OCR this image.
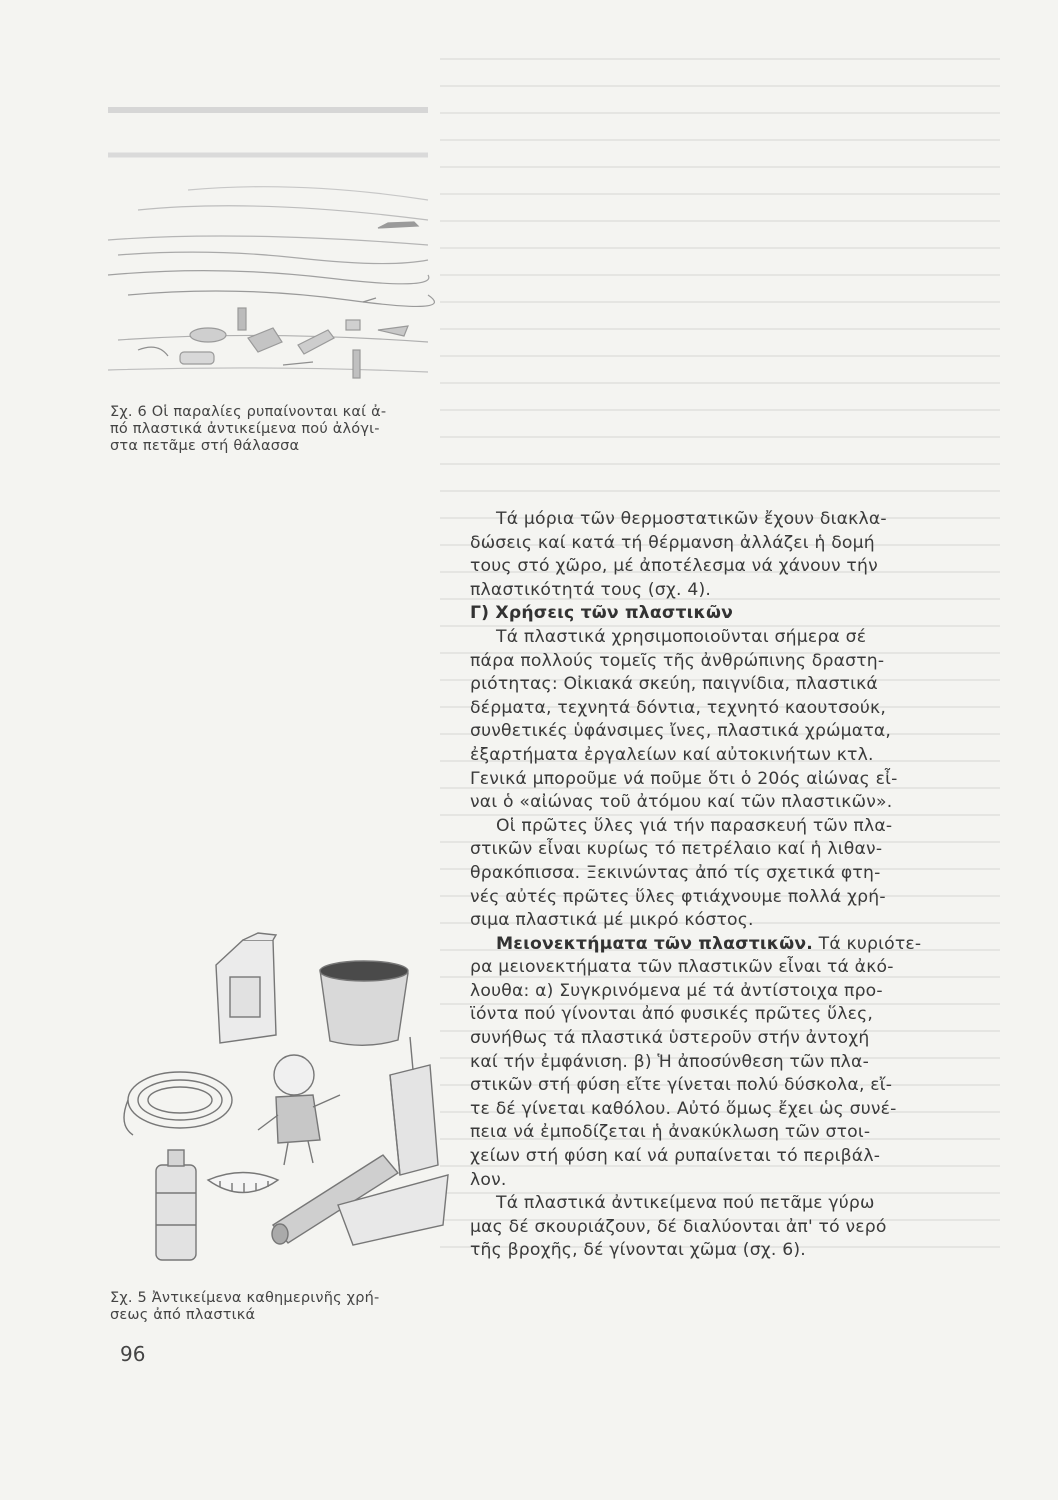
Σχ. 6 Οἱ παραλίες ρυπαίνονται καί ἀ-
πό πλαστικά ἀντικείμενα πού ἀλόγι-
στα πετᾶμε στή θάλασσα
Σχ. 5 Ἀντικείμενα καθημερινῆς χρή-
σεως ἀπό πλαστικά
Τά μόρια τῶν θερμοστατικῶν ἔχουν διακλα-
δώσεις καί κατά τή θέρμανση ἀλλάζει ἡ δομή
τους στό χῶρο, μέ ἀποτέλεσμα νά χάνουν τήν
πλαστικότητά τους (σχ. 4).
Γ) Χρήσεις τῶν πλαστικῶν
Τά πλαστικά χρησιμοποιοῦνται σήμερα σέ
πάρα πολλούς τομεῖς τῆς ἀνθρώπινης δραστη-
ριότητας: Οἰκιακά σκεύη, παιγνίδια, πλαστικά
δέρματα, τεχνητά δόντια, τεχνητό καουτσούκ,
συνθετικές ὑφάνσιμες ἴνες, πλαστικά χρώματα,
ἐξαρτήματα ἐργαλείων καί αὐτοκινήτων κτλ.
Γενικά μποροῦμε νά ποῦμε ὅτι ὁ 20ός αἰώνας εἶ-
ναι ὁ «αἰώνας τοῦ ἀτόμου καί τῶν πλαστικῶν».
Οἱ πρῶτες ὕλες γιά τήν παρασκευή τῶν πλα-
στικῶν εἶναι κυρίως τό πετρέλαιο καί ἡ λιθαν-
θρακόπισσα. Ξεκινώντας ἀπό τίς σχετικά φτη-
νές αὐτές πρῶτες ὕλες φτιάχνουμε πολλά χρή-
σιμα πλαστικά μέ μικρό κόστος.
Μειονεκτήματα τῶν πλαστικῶν. Τά κυριότε-
ρα μειονεκτήματα τῶν πλαστικῶν εἶναι τά ἀκό-
λουθα: α) Συγκρινόμενα μέ τά ἀντίστοιχα προ-
ϊόντα πού γίνονται ἀπό φυσικές πρῶτες ὕλες,
συνήθως τά πλαστικά ὑστεροῦν στήν ἀντοχή
καί τήν ἐμφάνιση. β) Ἡ ἀποσύνθεση τῶν πλα-
στικῶν στή φύση εἴτε γίνεται πολύ δύσκολα, εἴ-
τε δέ γίνεται καθόλου. Αὐτό ὅμως ἔχει ὡς συνέ-
πεια νά ἐμποδίζεται ἡ ἀνακύκλωση τῶν στοι-
χείων στή φύση καί νά ρυπαίνεται τό περιβάλ-
λον.
Τά πλαστικά ἀντικείμενα πού πετᾶμε γύρω
μας δέ σκουριάζουν, δέ διαλύονται ἀπ' τό νερό
τῆς βροχῆς, δέ γίνονται χῶμα (σχ. 6).
96
